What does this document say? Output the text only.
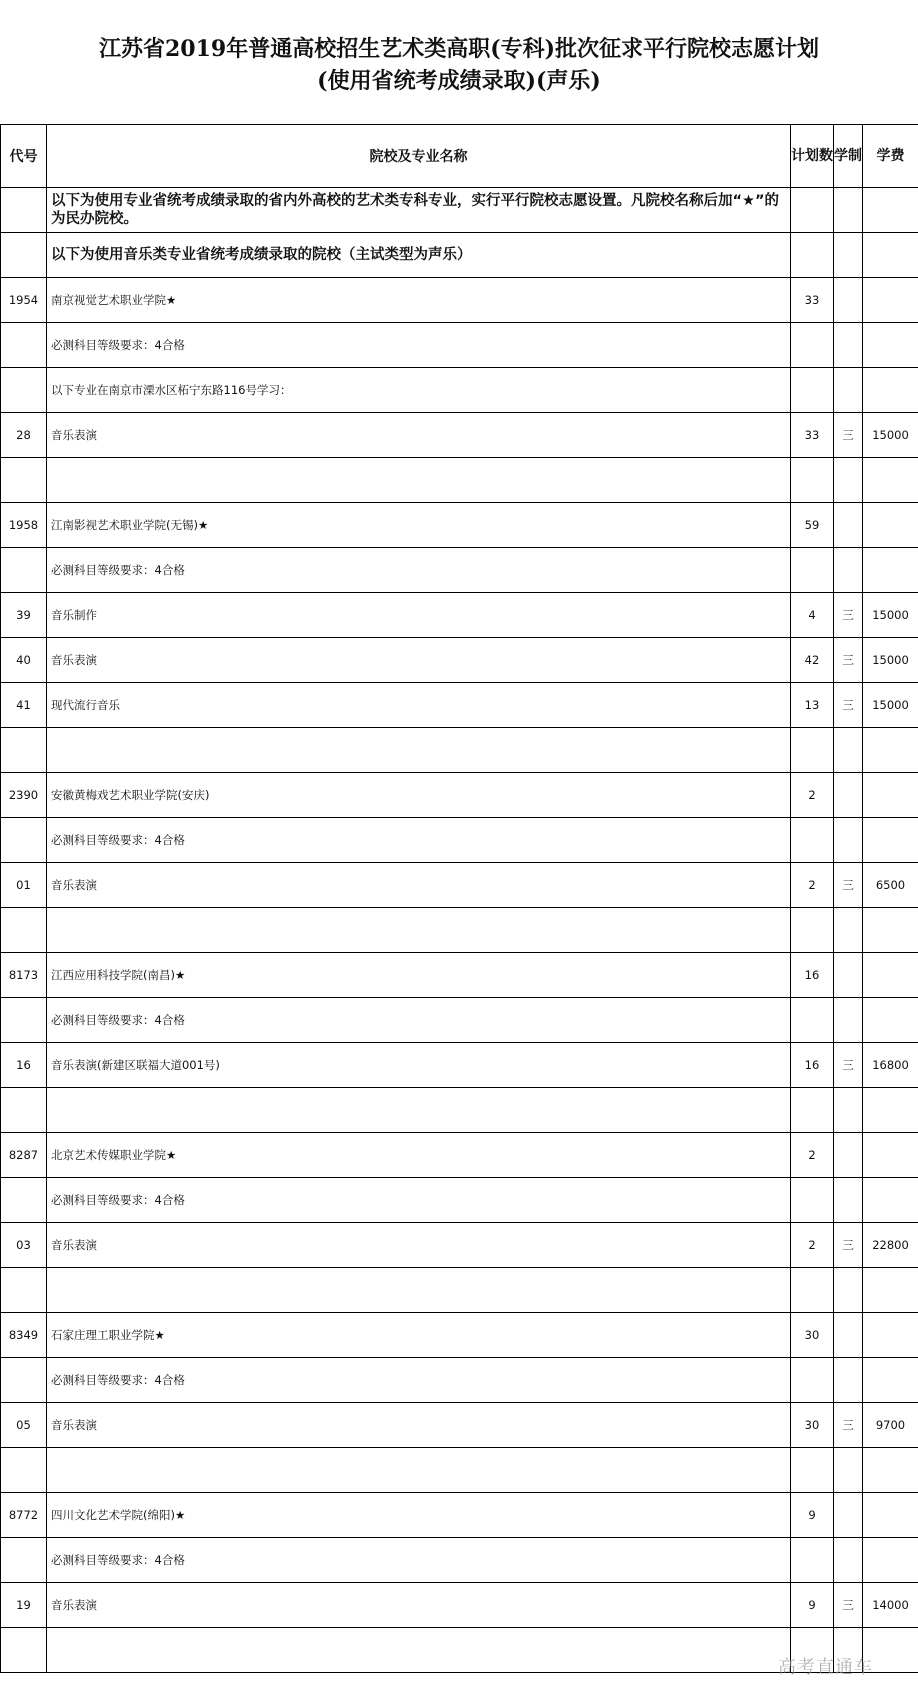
江苏省2019年普通高校招生艺术类高职(专科)批次征求平行院校志愿计划
(使用省统考成绩录取)(声乐)
代号	院校及专业名称	计划数	学制	学费
	以下为使用专业省统考成绩录取的省内外高校的艺术类专科专业，实行平行院校志愿设置。凡院校名称后加“★”的为民办院校。			
	以下为使用音乐类专业省统考成绩录取的院校（主试类型为声乐）			
1954	南京视觉艺术职业学院★	33		
	必测科目等级要求：4合格			
	以下专业在南京市溧水区柘宁东路116号学习：			
28	音乐表演	33	三	15000

1958	江南影视艺术职业学院(无锡)★	59		
	必测科目等级要求：4合格			
39	音乐制作	4	三	15000
40	音乐表演	42	三	15000
41	现代流行音乐	13	三	15000

2390	安徽黄梅戏艺术职业学院(安庆)	2		
	必测科目等级要求：4合格			
01	音乐表演	2	三	6500

8173	江西应用科技学院(南昌)★	16		
	必测科目等级要求：4合格			
16	音乐表演(新建区联福大道001号)	16	三	16800

8287	北京艺术传媒职业学院★	2		
	必测科目等级要求：4合格			
03	音乐表演	2	三	22800

8349	石家庄理工职业学院★	30		
	必测科目等级要求：4合格			
05	音乐表演	30	三	9700

8772	四川文化艺术学院(绵阳)★	9		
	必测科目等级要求：4合格			
19	音乐表演	9	三	14000

高考直通车
